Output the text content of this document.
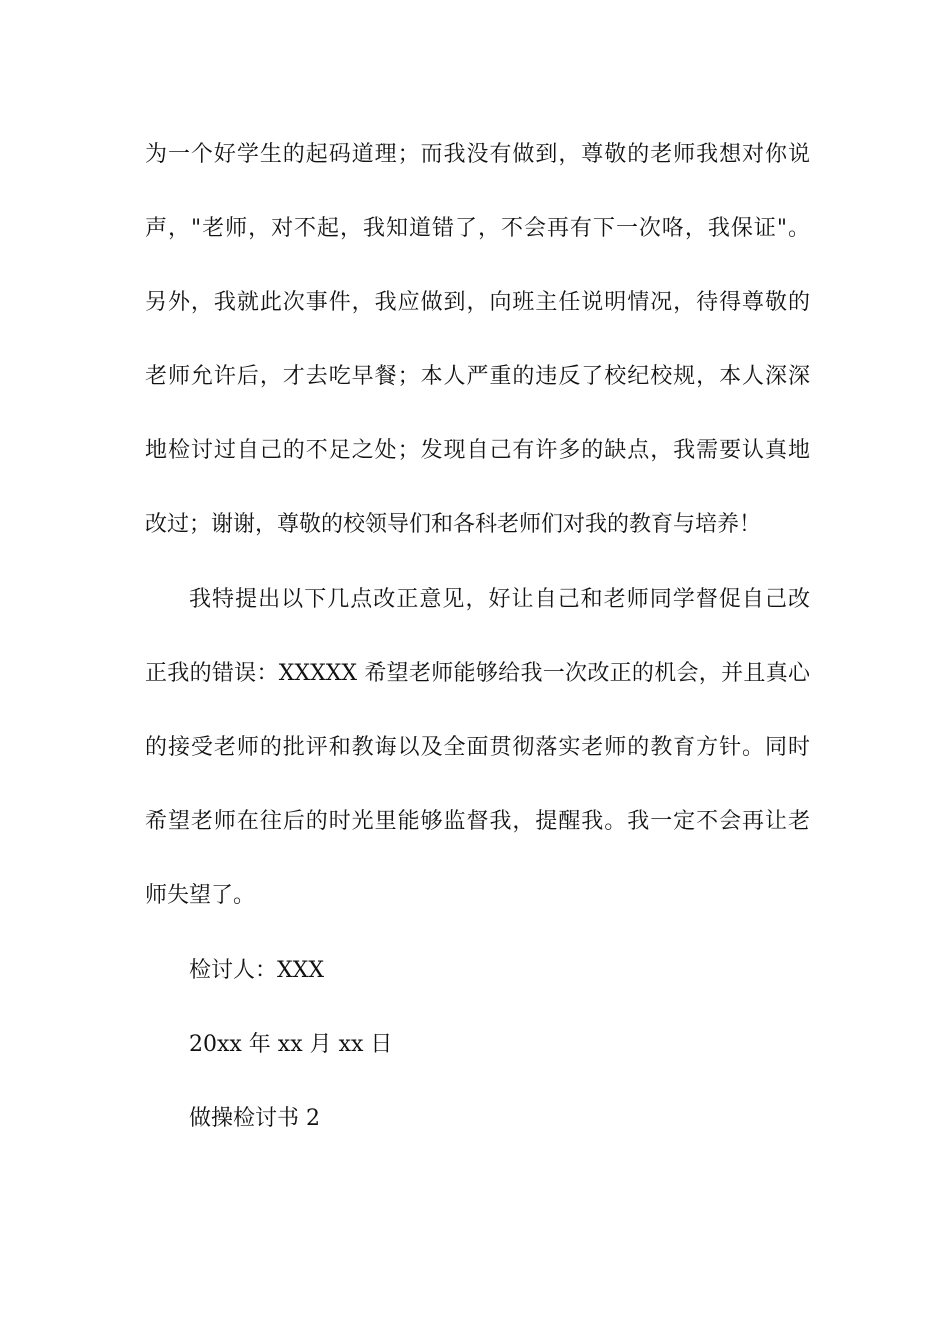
为一个好学生的起码道理；而我没有做到，尊敬的老师我想对你说
声，"老师，对不起，我知道错了，不会再有下一次咯，我保证"。
另外，我就此次事件，我应做到，向班主任说明情况，待得尊敬的
老师允许后，才去吃早餐；本人严重的违反了校纪校规，本人深深
地检讨过自己的不足之处；发现自己有许多的缺点，我需要认真地
改过；谢谢，尊敬的校领导们和各科老师们对我的教育与培养！
我特提出以下几点改正意见，好让自己和老师同学督促自己改
正我的错误：XXXXX 希望老师能够给我一次改正的机会，并且真心
的接受老师的批评和教诲以及全面贯彻落实老师的教育方针。同时
希望老师在往后的时光里能够监督我，提醒我。我一定不会再让老
师失望了。
检讨人：XXX
20xx 年 xx 月 xx 日
做操检讨书 2
